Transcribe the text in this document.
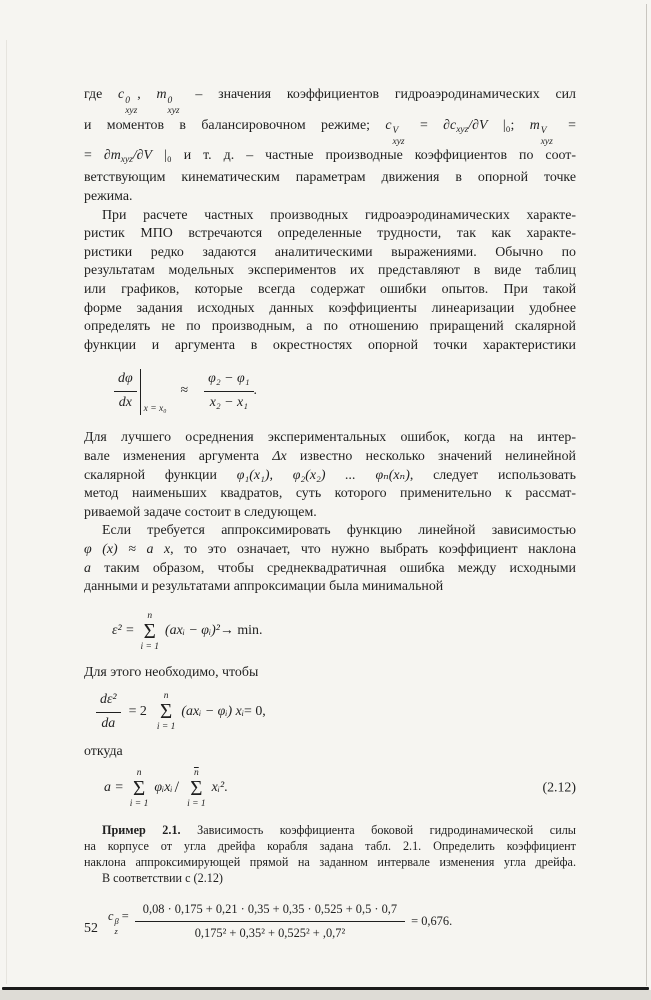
где c 0
xyz
, m 0
xyz
– значения коэффициентов гидроаэродинамических сил
и моментов в балансировочном режиме; c V
xyz
= $\partial c_{xyz}/\partial V$ |₀; m V
xyz
=
= $\partial m_{xyz}/\partial V$ |₀ и т. д. – частные производные коэффициентов по соот-
ветствующим кинематическим параметрам движения в опорной точке
режима.
При расчете частных производных гидроаэродинамических характе-
ристик МПО встречаются определенные трудности, так как характе-
ристики редко задаются аналитическими выражениями. Обычно по
результатам модельных экспериментов их представляют в виде таблиц
или графиков, которые всегда содержат ошибки опытов. При такой
форме задания исходных данных коэффициенты линеаризации удобнее
определять не по производным, а по отношению приращений скалярной
функции и аргумента в окрестностях опорной точки характеристики
$\frac{d\varphi}{dx}$ x = x₀
≈ $\frac{\text{φ₂ − φ₁}}{\text{x₂ − x₁}}$ .
Для лучшего осреднения экспериментальных ошибок, когда на интер-
вале изменения аргумента Δx известно несколько значений нелинейной
скалярной функции φ₁(x₁), φ₂(x₂) ... φₙ(xₙ), следует использовать
метод наименьших квадратов, суть которого применительно к рассмат-
риваемой задаче состоит в следующем.
Если требуется аппроксимировать функцию линейной зависимостью
φ (x) ≈ a x, то это означает, что нужно выбрать коэффициент наклона
a таким образом, чтобы среднеквадратичная ошибка между исходными
данными и результатами аппроксимации была минимальной
ε² =
n
Σ
i = 1
(axᵢ − φᵢ)² → min.
Для этого необходимо, чтобы
$\frac{\text{dε²}}{da} = 2$
n
Σ
i = 1
(axᵢ − φᵢ) xᵢ = 0,
откуда
a =
n
Σ
i = 1
φᵢxᵢ /
$\overline{n}$
Σ
i = 1
xᵢ² .	(2.12)
Пример 2.1. Зависимость коэффициента боковой гидродинамической силы
на корпусе от угла дрейфа корабля задана табл. 2.1. Определить коэффициент
наклона аппроксимирующей прямой на заданном интервале изменения угла дрейфа.
В соответствии с (2.12)
c β
z
= $\frac{0,08 \cdot 0,175 + 0,21 \cdot 0,35 + 0,35 \cdot 0,525 + 0,5 \cdot 0,7}{\text{0,175² + 0,35² + 0,525² + ,0,7²}} = 0,676$.
52
